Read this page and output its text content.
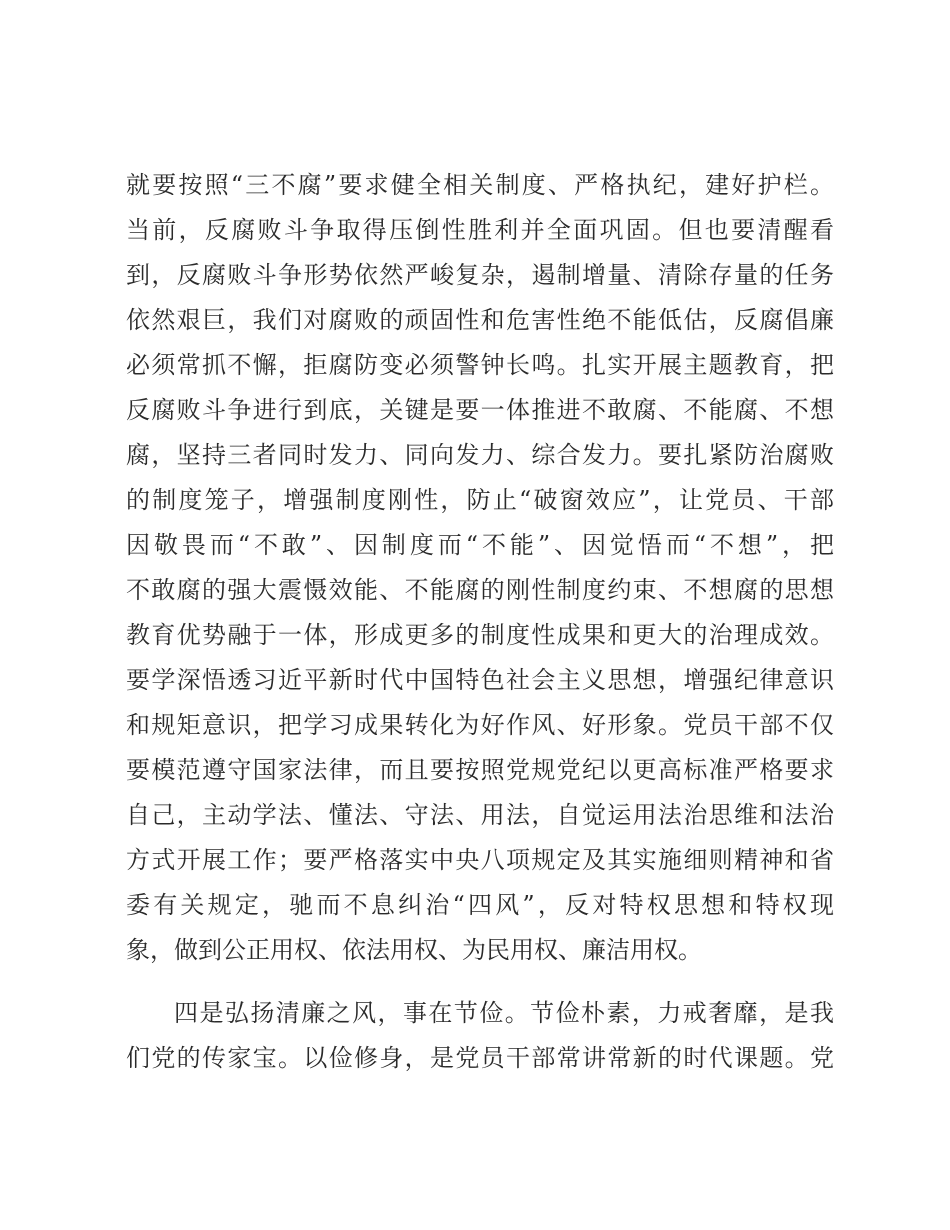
就要按照“三不腐”要求健全相关制度、严格执纪，建好护栏。
当前，反腐败斗争取得压倒性胜利并全面巩固。但也要清醒看
到，反腐败斗争形势依然严峻复杂，遏制增量、清除存量的任务
依然艰巨，我们对腐败的顽固性和危害性绝不能低估，反腐倡廉
必须常抓不懈，拒腐防变必须警钟长鸣。扎实开展主题教育，把
反腐败斗争进行到底，关键是要一体推进不敢腐、不能腐、不想
腐，坚持三者同时发力、同向发力、综合发力。要扎紧防治腐败
的制度笼子，增强制度刚性，防止“破窗效应”，让党员、干部
因敬畏而“不敢”、因制度而“不能”、因觉悟而“不想”，把
不敢腐的强大震慑效能、不能腐的刚性制度约束、不想腐的思想
教育优势融于一体，形成更多的制度性成果和更大的治理成效。
要学深悟透习近平新时代中国特色社会主义思想，增强纪律意识
和规矩意识，把学习成果转化为好作风、好形象。党员干部不仅
要模范遵守国家法律，而且要按照党规党纪以更高标准严格要求
自己，主动学法、懂法、守法、用法，自觉运用法治思维和法治
方式开展工作；要严格落实中央八项规定及其实施细则精神和省
委有关规定，驰而不息纠治“四风”，反对特权思想和特权现
象，做到公正用权、依法用权、为民用权、廉洁用权。
四是弘扬清廉之风，事在节俭。节俭朴素，力戒奢靡，是我
们党的传家宝。以俭修身，是党员干部常讲常新的时代课题。党
